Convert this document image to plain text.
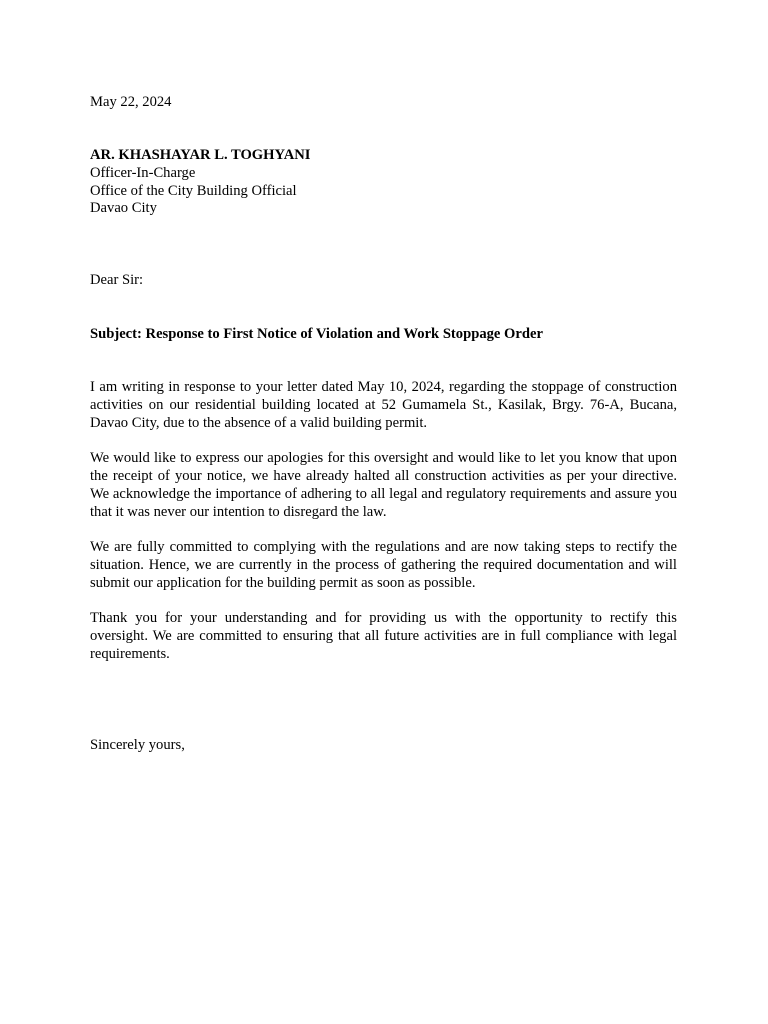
May 22, 2024
AR. KHASHAYAR L. TOGHYANI
Officer-In-Charge
Office of the City Building Official
Davao City
Dear Sir:
Subject: Response to First Notice of Violation and Work Stoppage Order

I am writing in response to your letter dated May 10, 2024, regarding the stoppage of construction activities on our residential building located at 52 Gumamela St., Kasilak, Brgy. 76-A, Bucana, Davao City, due to the absence of a valid building permit.

We would like to express our apologies for this oversight and would like to let you know that upon the receipt of your notice, we have already halted all construction activities as per your directive. We acknowledge the importance of adhering to all legal and regulatory requirements and assure you that it was never our intention to disregard the law.

We are fully committed to complying with the regulations and are now taking steps to rectify the situation. Hence, we are currently in the process of gathering the required documentation and will submit our application for the building permit as soon as possible.

Thank you for your understanding and for providing us with the opportunity to rectify this oversight. We are committed to ensuring that all future activities are in full compliance with legal requirements.

Sincerely yours,
